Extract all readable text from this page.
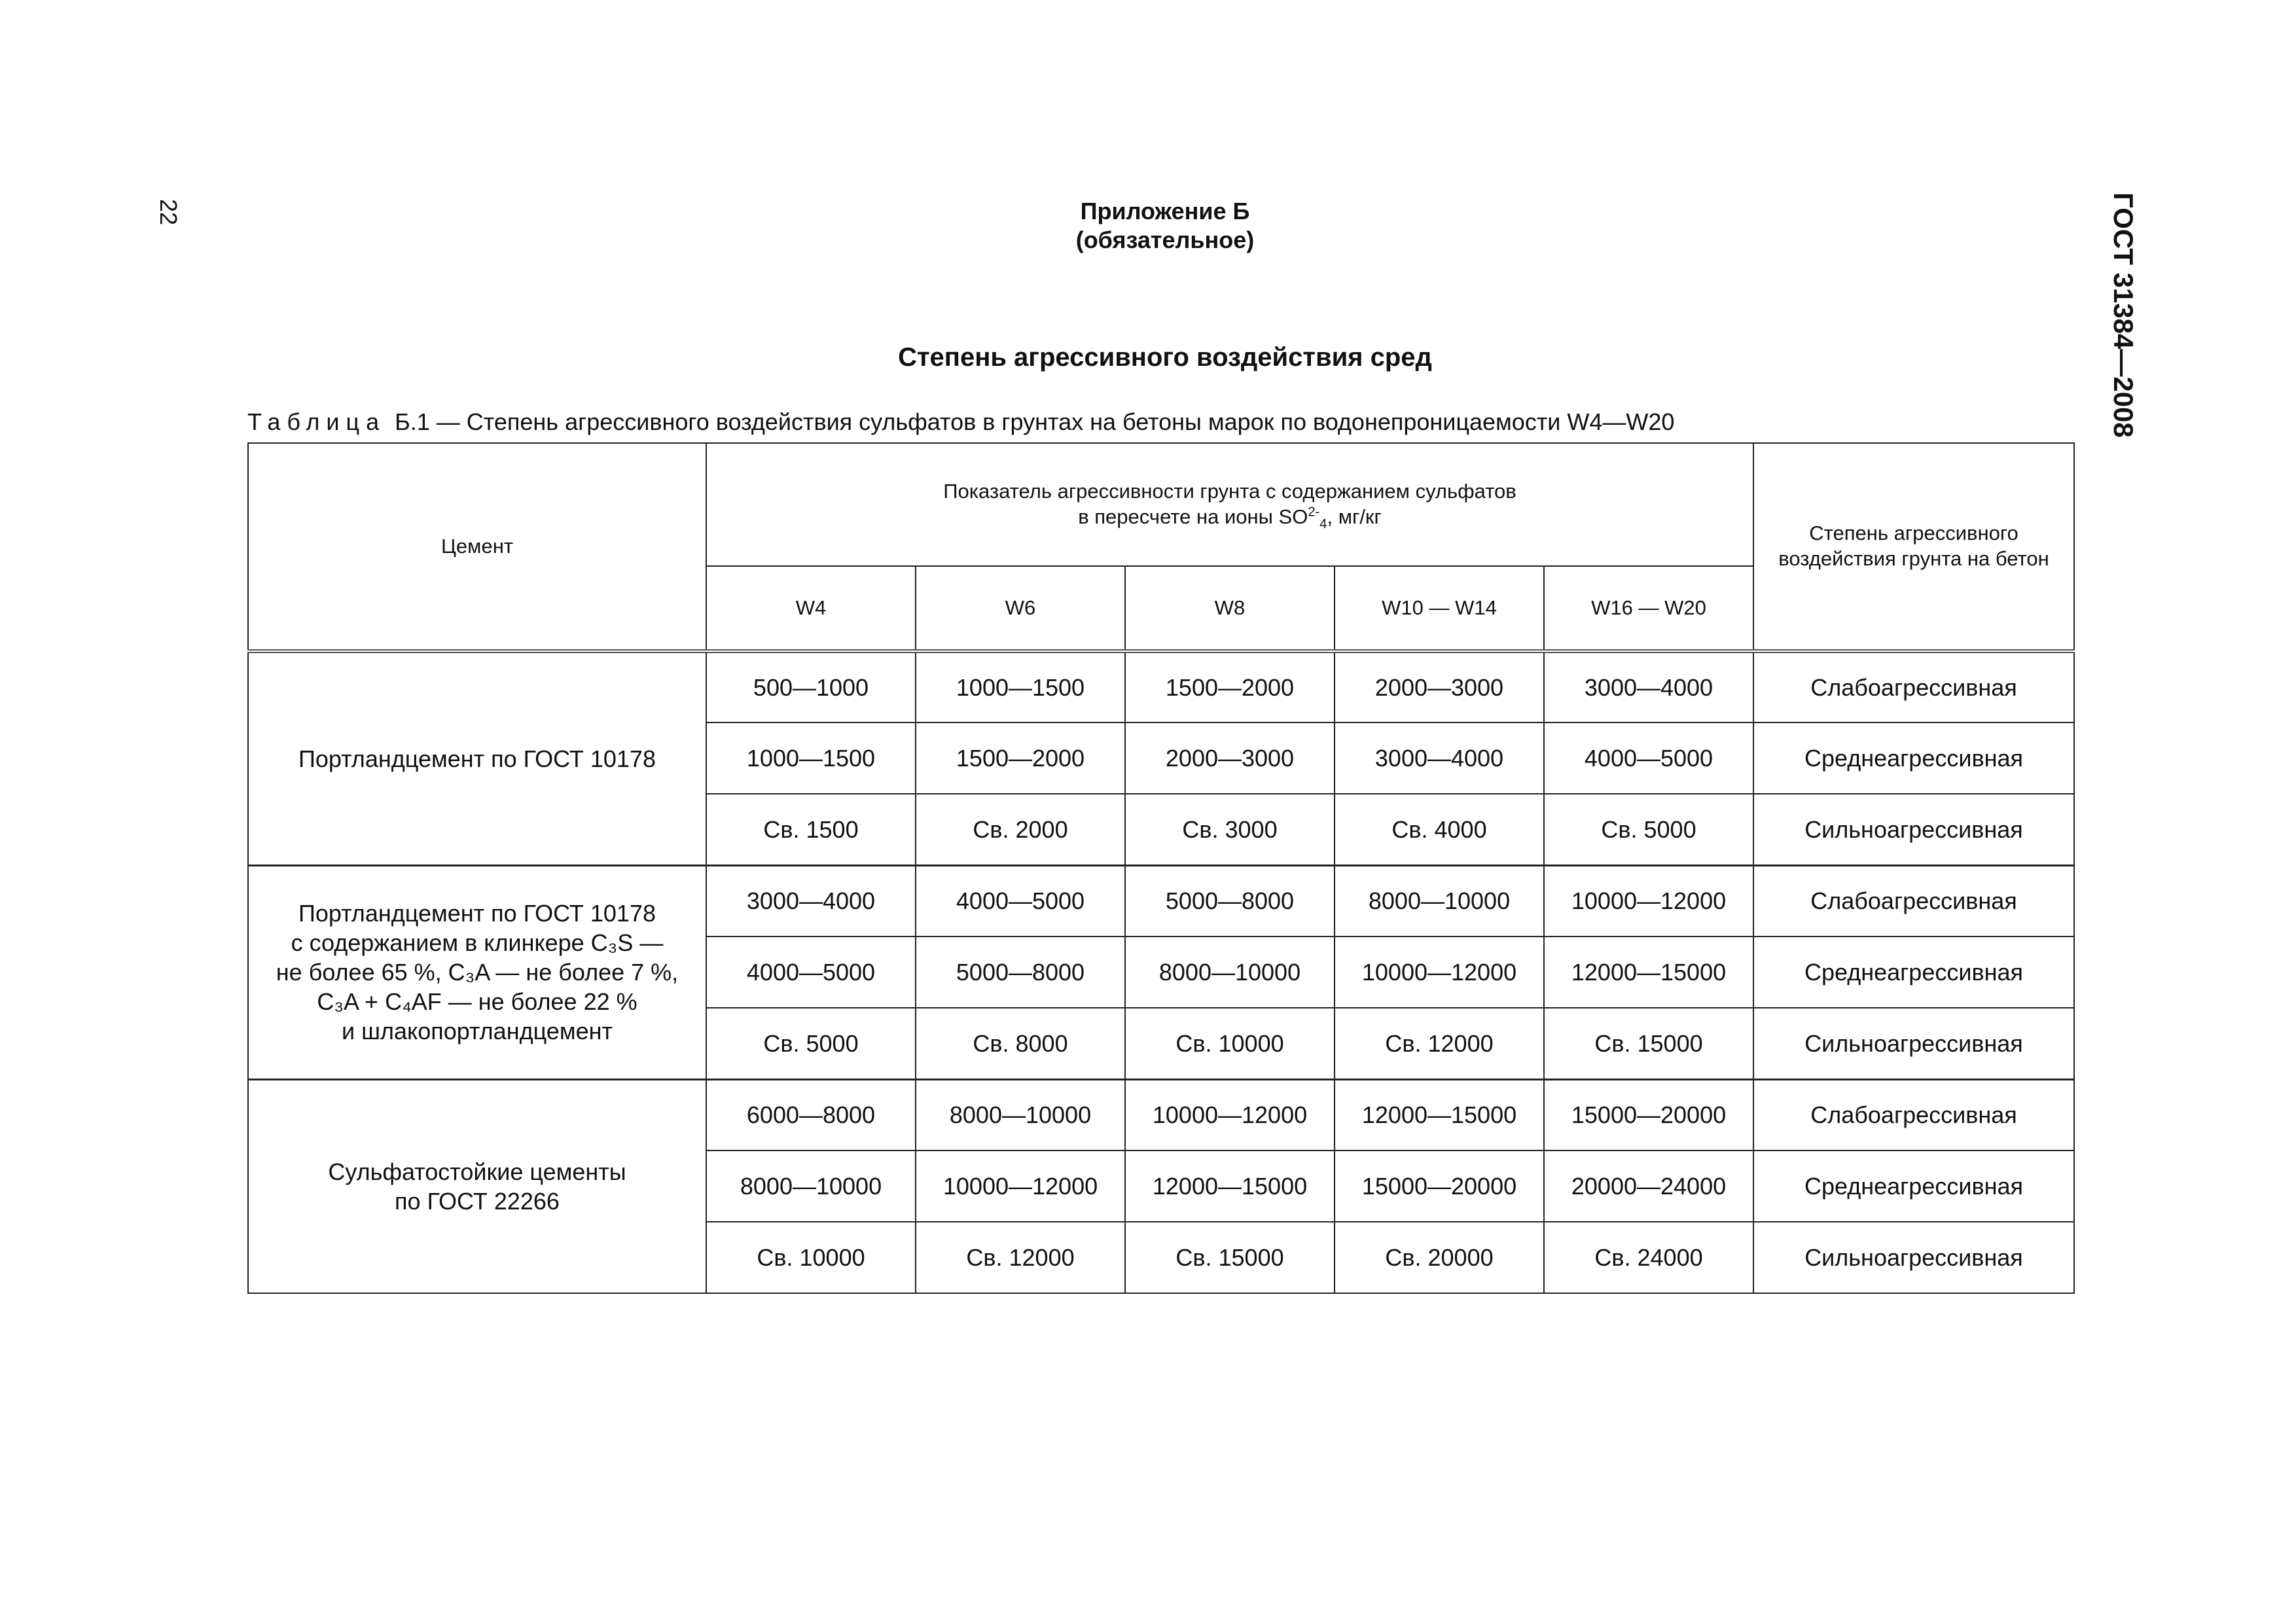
22	ГОСТ 31384—2008
Приложение Б
(обязательное)
Степень агрессивного воздействия сред
Таблица Б.1 — Степень агрессивного воздействия сульфатов в грунтах на бетоны марок по водонепроницаемости W4—W20
Цемент	Показатель агрессивности грунта с содержанием сульфатов
в пересчете на ионы $SO^{2-}_4$, мг/кг					Степень агрессивного воздействия грунта на бетон
	W4	W6	W8	W10 — W14	W16 — W20	

Портландцемент по ГОСТ 10178	500—1000	1000—1500	1500—2000	2000—3000	3000—4000	Слабоагрессивная
	1000—1500	1500—2000	2000—3000	3000—4000	4000—5000	Среднеагрессивная
	Св. 1500	Св. 2000	Св. 3000	Св. 4000	Св. 5000	Сильноагрессивная

Портландцемент по ГОСТ 10178
с содержанием в клинкере C₃S —
не более 65 %, C₃A — не более 7 %,
C₃A + C₄AF — не более 22 %
и шлакопортландцемент	3000—4000	4000—5000	5000—8000	8000—10000	10000—12000	Слабоагрессивная
	4000—5000	5000—8000	8000—10000	10000—12000	12000—15000	Среднеагрессивная
	Св. 5000	Св. 8000	Св. 10000	Св. 12000	Св. 15000	Сильноагрессивная

Сульфатостойкие цементы
по ГОСТ 22266	6000—8000	8000—10000	10000—12000	12000—15000	15000—20000	Слабоагрессивная
	8000—10000	10000—12000	12000—15000	15000—20000	20000—24000	Среднеагрессивная
	Св. 10000	Св. 12000	Св. 15000	Св. 20000	Св. 24000	Сильноагрессивная
